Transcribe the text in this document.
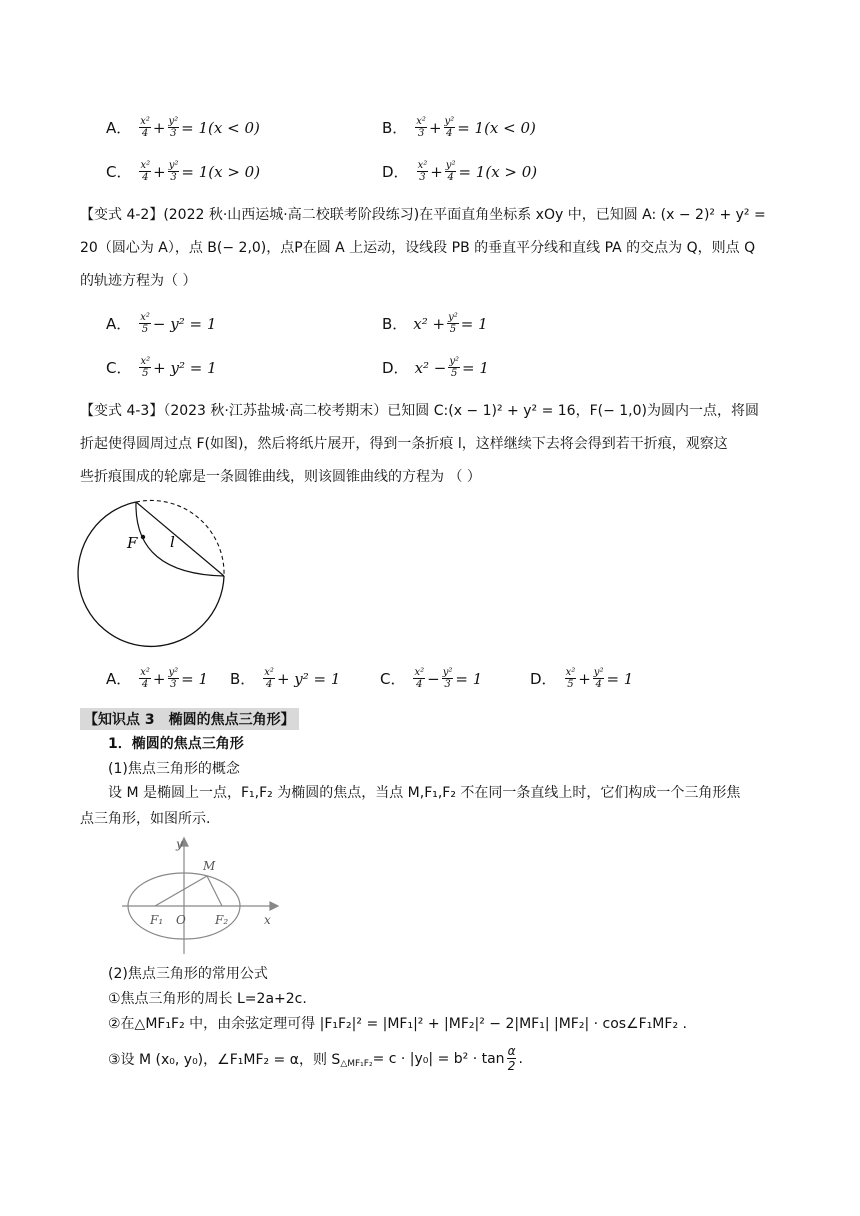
A． $\frac{\text{x²}}{4} + \frac{\text{y²}}{3} = 1(x < 0)$	B． $\frac{\text{x²}}{3} + \frac{\text{y²}}{4} = 1(x < 0)$
C． $\frac{\text{x²}}{4} + \frac{\text{y²}}{3} = 1(x > 0)$	D． $\frac{\text{x²}}{3} + \frac{\text{y²}}{4} = 1(x > 0)$
【变式 4-2】(2022 秋·山西运城·高二校联考阶段练习)在平面直角坐标系 xOy 中，已知圆 A: (x − 2)² + y² =
20（圆心为 A），点 B(− 2,0)，点P在圆 A 上运动，设线段 PB 的垂直平分线和直线 PA 的交点为 Q，则点 Q
的轨迹方程为（ ）
A． $\frac{\text{x²}}{5} - y^2 = 1$	B． $x^2 + \frac{\text{y²}}{5} = 1$
C． $\frac{\text{x²}}{5} + y^2 = 1$	D． $x^2 - \frac{\text{y²}}{5} = 1$
【变式 4-3】（2023 秋·江苏盐城·高二校考期末）已知圆 C:(x − 1)² + y² = 16，F(− 1,0)为圆内一点，将圆
折起使得圆周过点 F(如图)，然后将纸片展开，得到一条折痕 l，这样继续下去将会得到若干折痕，观察这
些折痕围成的轮廓是一条圆锥曲线，则该圆锥曲线的方程为 （ ）
F l
A． $\frac{\text{x²}}{4} + \frac{\text{y²}}{3} = 1$ B． $\frac{\text{x²}}{4} + y^2 = 1$	C． $\frac{\text{x²}}{4} - \frac{\text{y²}}{3} = 1$	D． $\frac{\text{x²}}{5} + \frac{\text{y²}}{4} = 1$
【知识点 3　椭圆的焦点三角形】
1．椭圆的焦点三角形
(1)焦点三角形的概念
设 M 是椭圆上一点，F₁,F₂ 为椭圆的焦点，当点 M,F₁,F₂ 不在同一条直线上时，它们构成一个三角形焦
点三角形，如图所示.
y
x
M
O
F₁	F₂
(2)焦点三角形的常用公式
①焦点三角形的周长 L=2a+2c.
②在△MF₁F₂ 中，由余弦定理可得 |F₁F₂|² = |MF₁|² + |MF₂|² − 2|MF₁| |MF₂| · cos∠F₁MF₂ .
③设 M (x₀, y₀)，∠F₁MF₂ = α，则 S △MF₁F₂ = $c \cdot |y_0| = b^2 \cdot \tan \frac{\alpha}{2}$ .
